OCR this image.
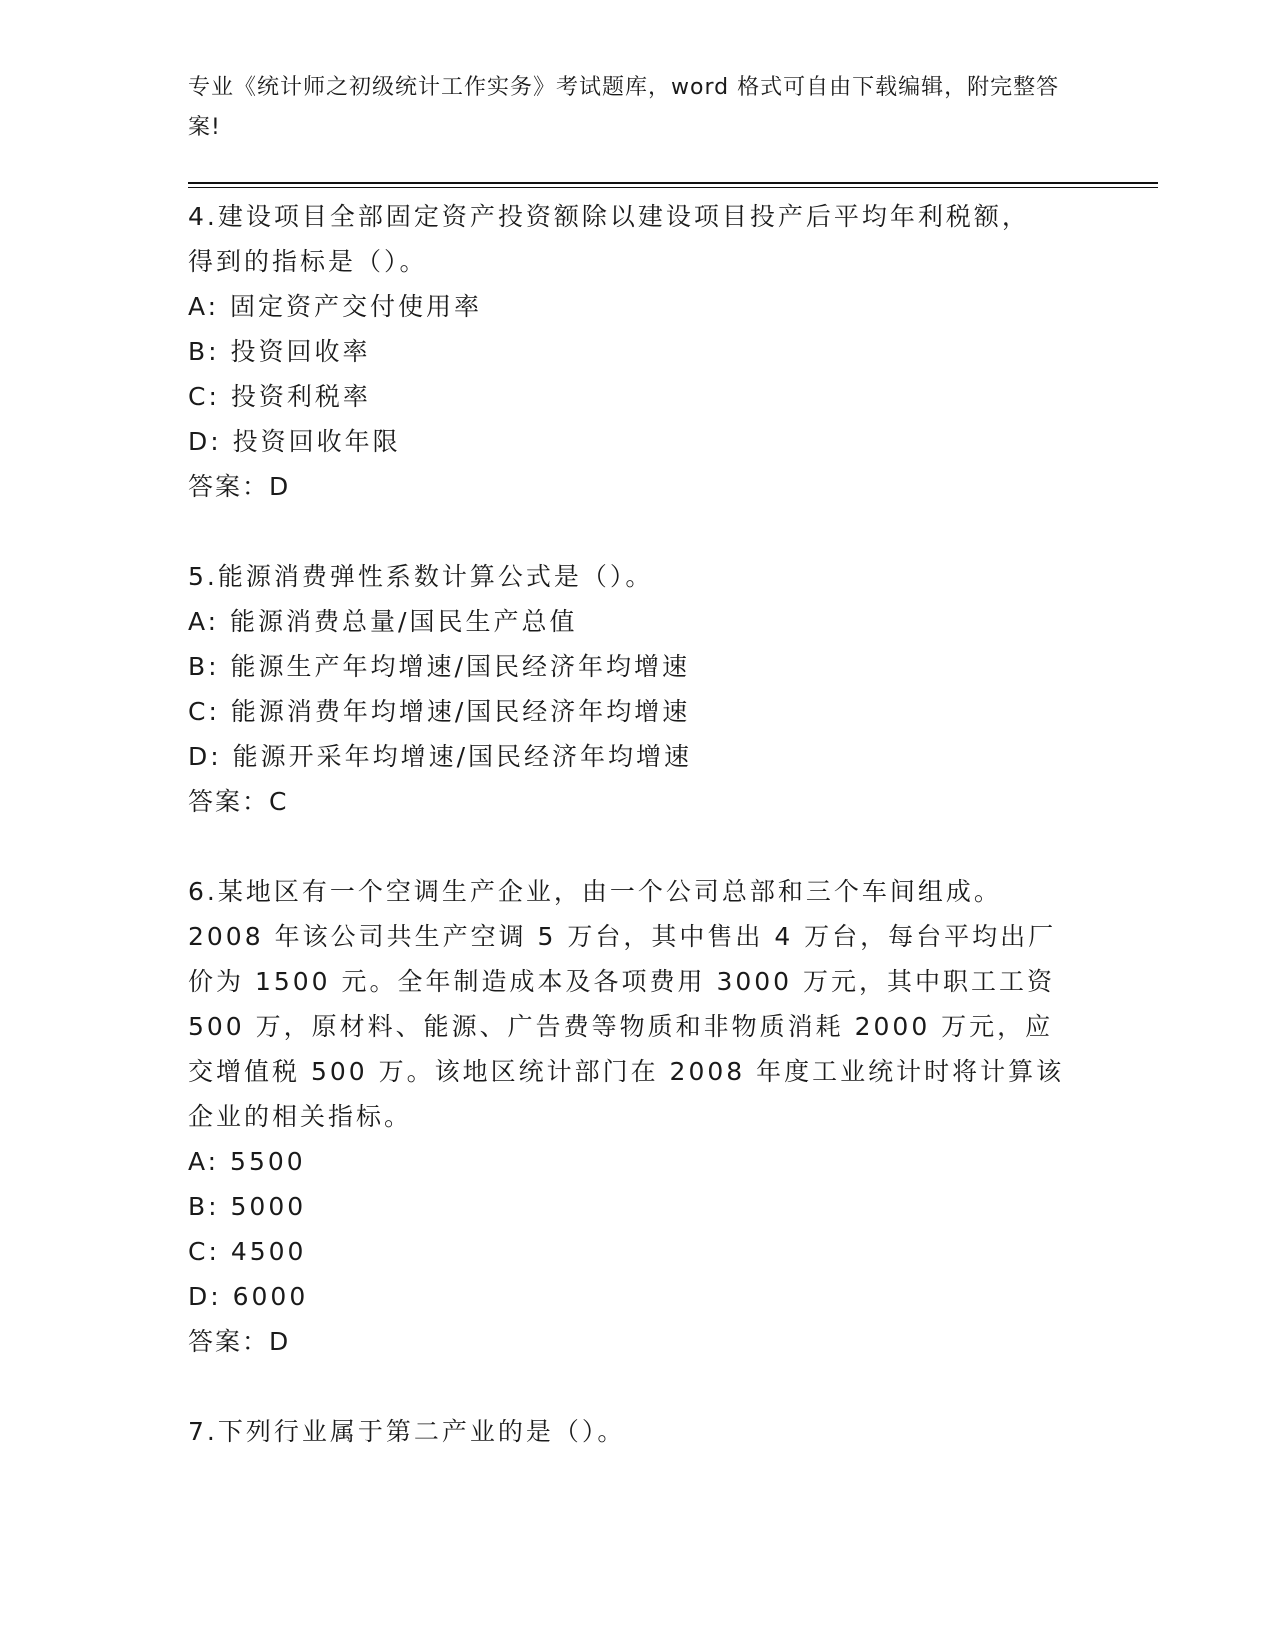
专业《统计师之初级统计工作实务》考试题库，word 格式可自由下载编辑，附完整答案!
4.建设项目全部固定资产投资额除以建设项目投产后平均年利税额，得到的指标是（）。
A: 固定资产交付使用率
B: 投资回收率
C: 投资利税率
D: 投资回收年限
答案：D
5.能源消费弹性系数计算公式是（）。
A: 能源消费总量/国民生产总值
B: 能源生产年均增速/国民经济年均增速
C: 能源消费年均增速/国民经济年均增速
D: 能源开采年均增速/国民经济年均增速
答案：C
6.某地区有一个空调生产企业，由一个公司总部和三个车间组成。2008 年该公司共生产空调 5 万台，其中售出 4 万台，每台平均出厂价为 1500 元。全年制造成本及各项费用 3000 万元，其中职工工资 500 万，原材料、能源、广告费等物质和非物质消耗 2000 万元，应交增值税 500 万。该地区统计部门在 2008 年度工业统计时将计算该企业的相关指标。
A: 5500
B: 5000
C: 4500
D: 6000
答案：D
7.下列行业属于第二产业的是（）。
